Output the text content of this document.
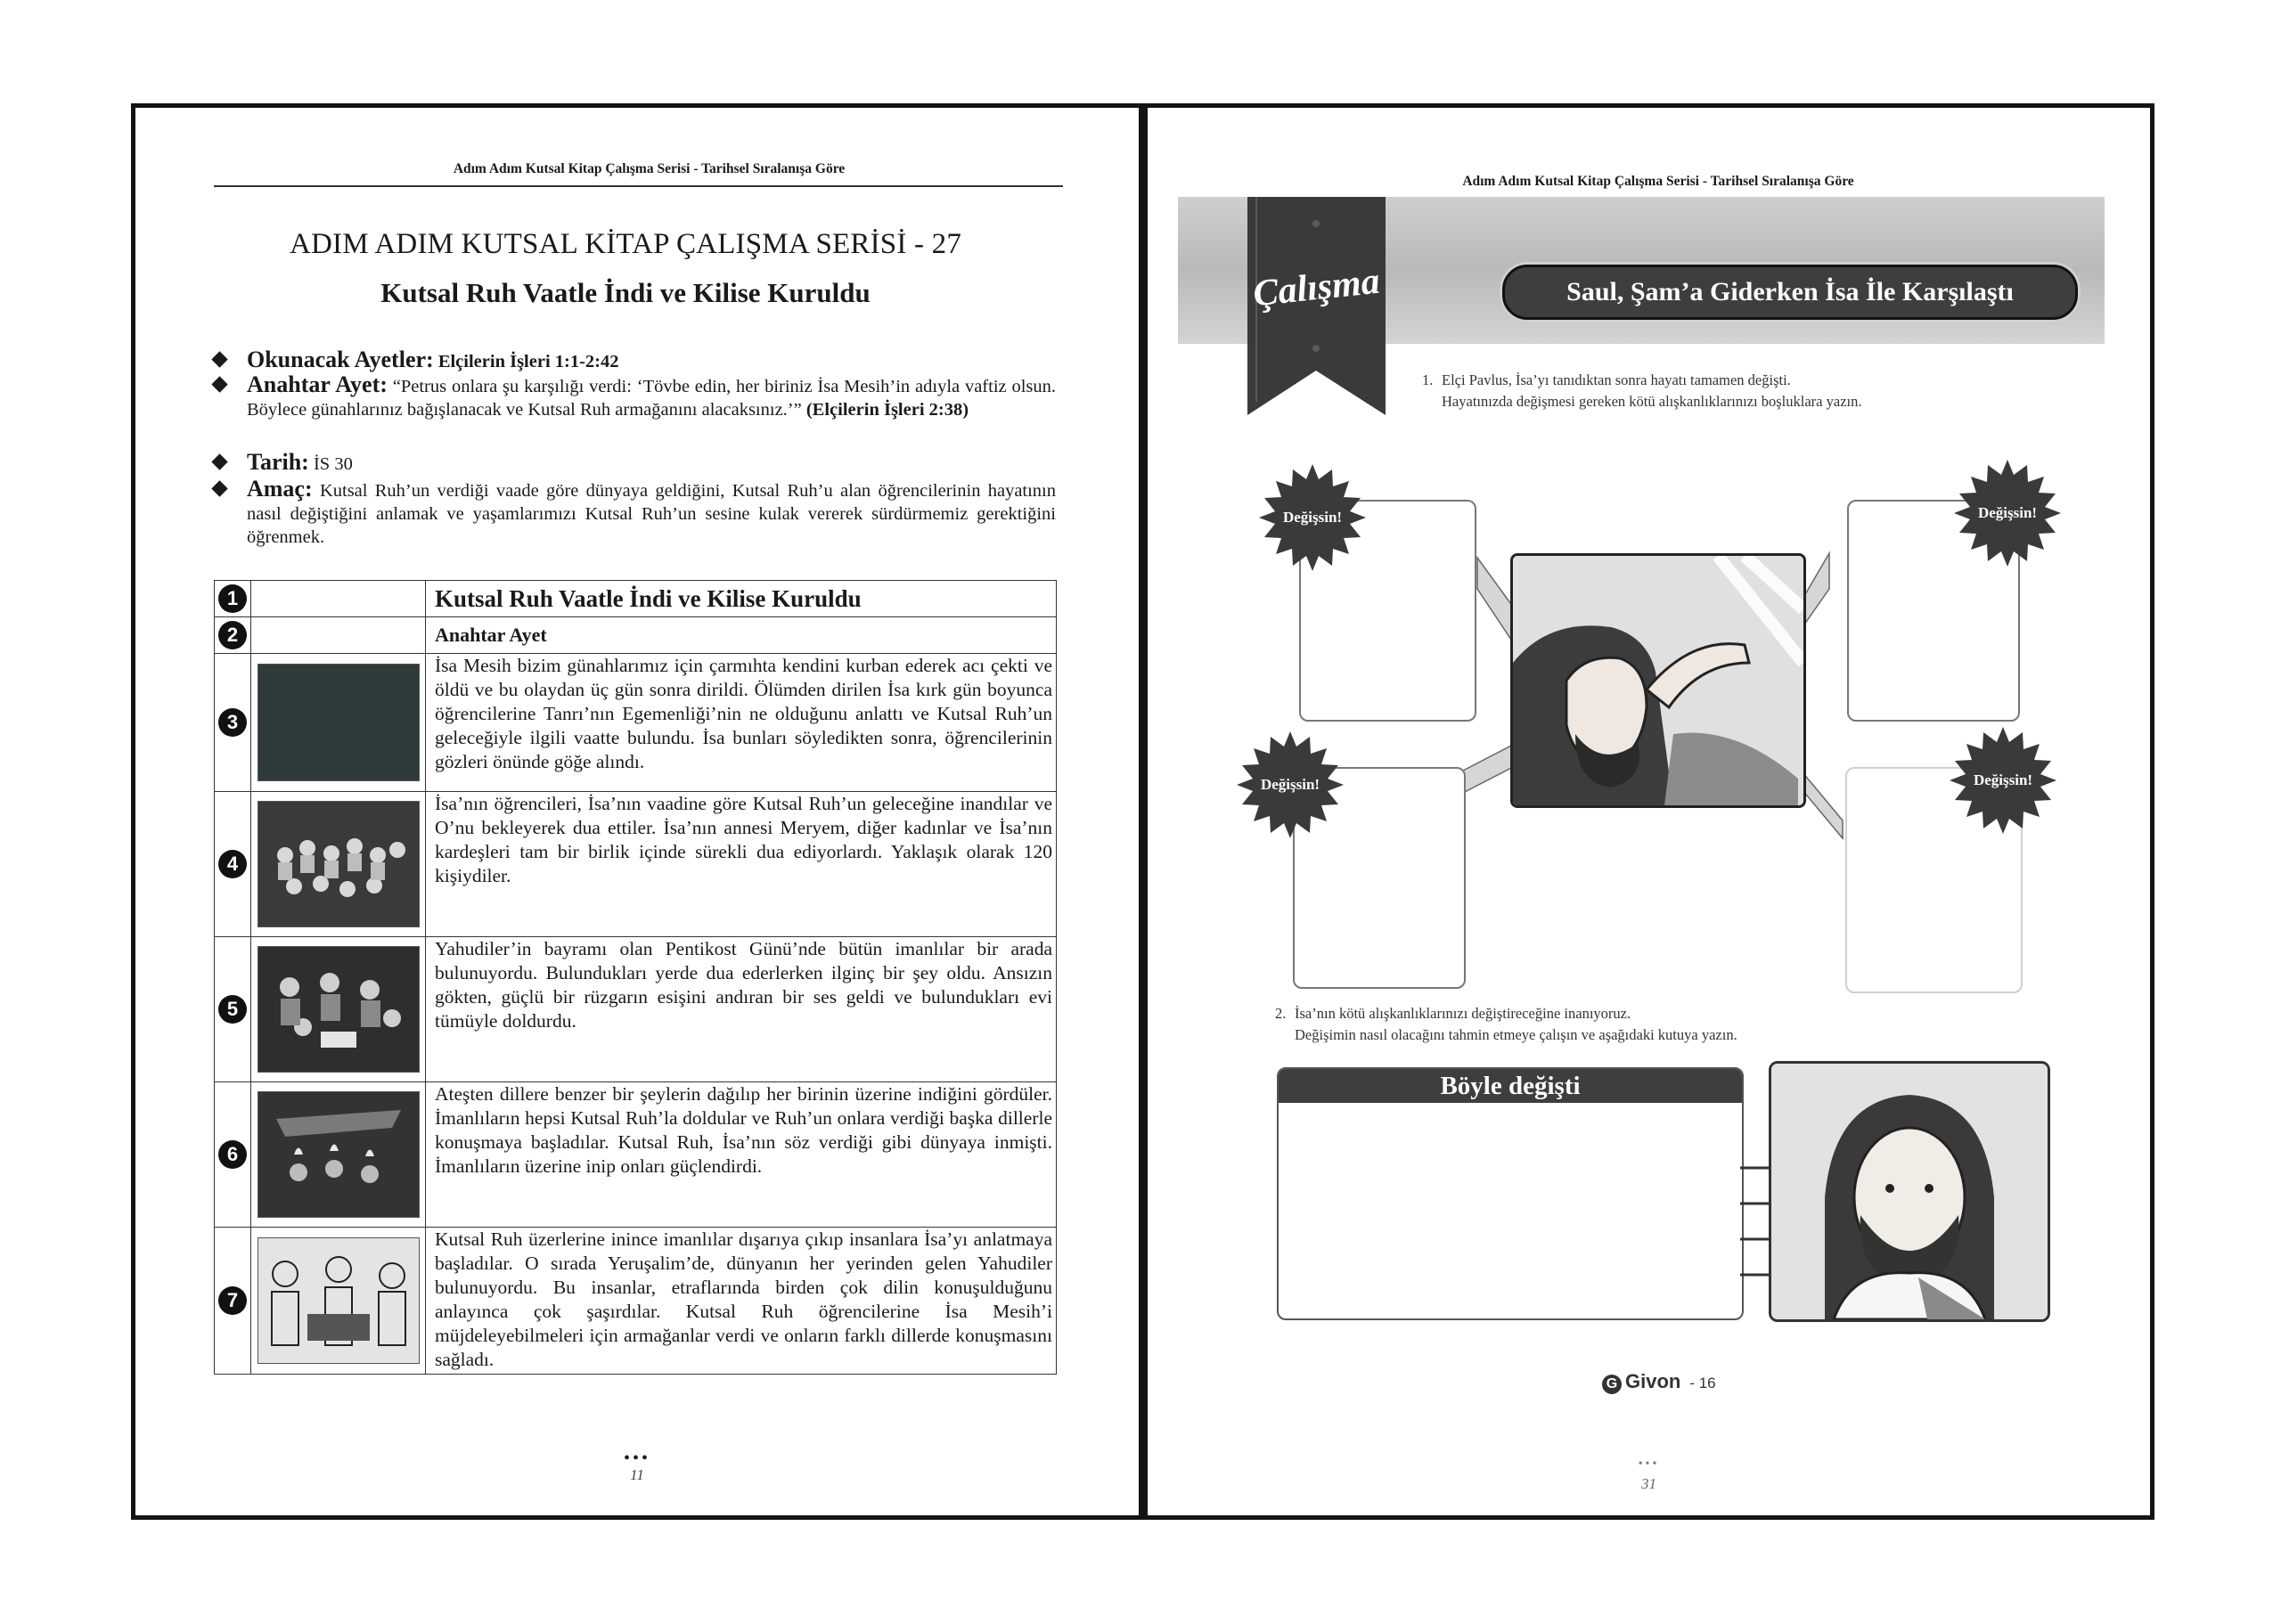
Adım Adım Kutsal Kitap Çalışma Serisi - Tarihsel Sıralanışa Göre
ADIM ADIM KUTSAL KİTAP ÇALIŞMA SERİSİ - 27
Kutsal Ruh Vaatle İndi ve Kilise Kuruldu
Okunacak Ayetler: Elçilerin İşleri 1:1-2:42
Anahtar Ayet: “Petrus onlara şu karşılığı verdi: ‘Tövbe edin, her biriniz İsa Mesih’in adıyla vaftiz olsun. Böylece günahlarınız bağışlanacak ve Kutsal Ruh armağanını alacaksınız.’” (Elçilerin İşleri 2:38)
Tarih: İS 30
Amaç: Kutsal Ruh’un verdiği vaade göre dünyaya geldiğini, Kutsal Ruh’u alan öğrencilerinin hayatının nasıl değiştiğini anlamak ve yaşamlarımızı Kutsal Ruh’un sesine kulak vererek sürdürmemiz gerektiğini öğrenmek.
1		Kutsal Ruh Vaatle İndi ve Kilise Kuruldu
2		Anahtar Ayet
3		İsa Mesih bizim günahlarımız için çarmıhta kendini kurban ederek acı çekti ve öldü ve bu olaydan üç gün sonra dirildi. Ölümden dirilen İsa kırk gün boyunca öğrencilerine Tanrı’nın Egemenliği’nin ne olduğunu anlattı ve Kutsal Ruh’un geleceğiyle ilgili vaatte bulundu. İsa bunları söyledikten sonra, öğrencilerinin gözleri önünde göğe alındı.
4		İsa’nın öğrencileri, İsa’nın vaadine göre Kutsal Ruh’un geleceğine inandılar ve O’nu bekleyerek dua ettiler. İsa’nın annesi Meryem, diğer kadınlar ve İsa’nın kardeşleri tam bir birlik içinde sürekli dua ediyorlardı. Yaklaşık olarak 120 kişiydiler.
5		Yahudiler’in bayramı olan Pentikost Günü’nde bütün imanlılar bir arada bulunuyordu. Bulundukları yerde dua ederlerken ilginç bir şey oldu. Ansızın gökten, güçlü bir rüzgarın esişini andıran bir ses geldi ve bulundukları evi tümüyle doldurdu.
6		Ateşten dillere benzer bir şeylerin dağılıp her birinin üzerine indiğini gördüler. İmanlıların hepsi Kutsal Ruh’la doldular ve Ruh’un onlara verdiği başka dillerle konuşmaya başladılar. Kutsal Ruh, İsa’nın söz verdiği gibi dünyaya inmişti. İmanlıların üzerine inip onları güçlendirdi.
7		Kutsal Ruh üzerlerine inince imanlılar dışarıya çıkıp insanlara İsa’yı anlatmaya başladılar. O sırada Yeruşalim’de, dünyanın her yerinden gelen Yahudiler bulunuyordu. Bu insanlar, etraflarında birden çok dilin konuşulduğunu anlayınca çok şaşırdılar. Kutsal Ruh öğrencilerine İsa Mesih’i müjdeleyebilmeleri için armağanlar verdi ve onların farklı dillerde konuşmasını sağladı.
•••
11
Adım Adım Kutsal Kitap Çalışma Serisi - Tarihsel Sıralanışa Göre
Çalışma	Saul, Şam’a Giderken İsa İle Karşılaştı
1. Elçi Pavlus, İsa’yı tanıdıktan sonra hayatı tamamen değişti.
Hayatınızda değişmesi gereken kötü alışkanlıklarınızı boşluklara yazın.
Değişsin!
Değişsin!
Değişsin!
Değişsin!
2. İsa’nın kötü alışkanlıklarınızı değiştireceğine inanıyoruz.
Değişimin nasıl olacağını tahmin etmeye çalışın ve aşağıdaki kutuya yazın.
Böyle değişti
G Givon - 16
•••
31
